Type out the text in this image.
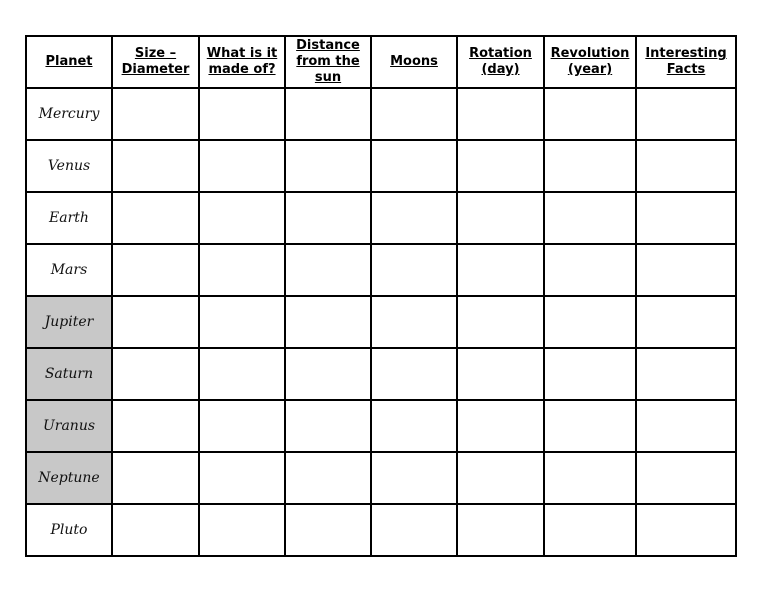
Planet	Size – Diameter	What is it made of?	Distance from the sun	Moons	Rotation (day)	Revolution (year)	Interesting Facts
Mercury							
Venus							
Earth							
Mars							
Jupiter							
Saturn							
Uranus							
Neptune							
Pluto							
